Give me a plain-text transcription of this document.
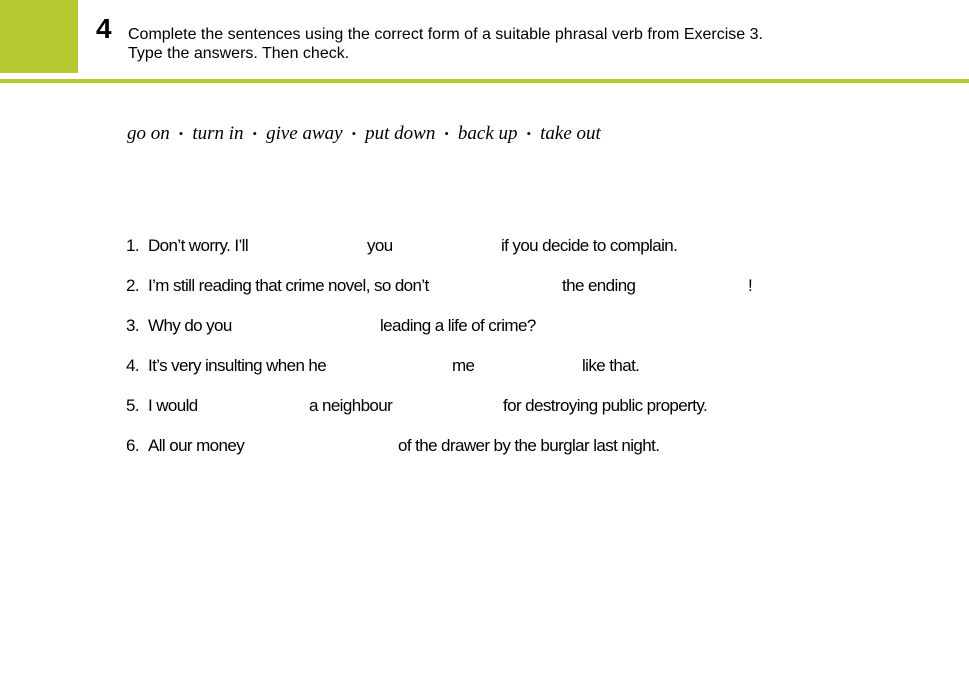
4 Complete the sentences using the correct form of a suitable phrasal verb from Exercise 3.
Type the answers. Then check.
go on • turn in • give away • put down • back up • take out
1. Don’t worry. I’ll	you	if you decide to complain.
2. I’m still reading that crime novel, so don’t	the ending	!
3. Why do you	leading a life of crime?
4. It’s very insulting when he	me	like that.
5. I would	a neighbour	for destroying public property.
6. All our money	of the drawer by the burglar last night.
